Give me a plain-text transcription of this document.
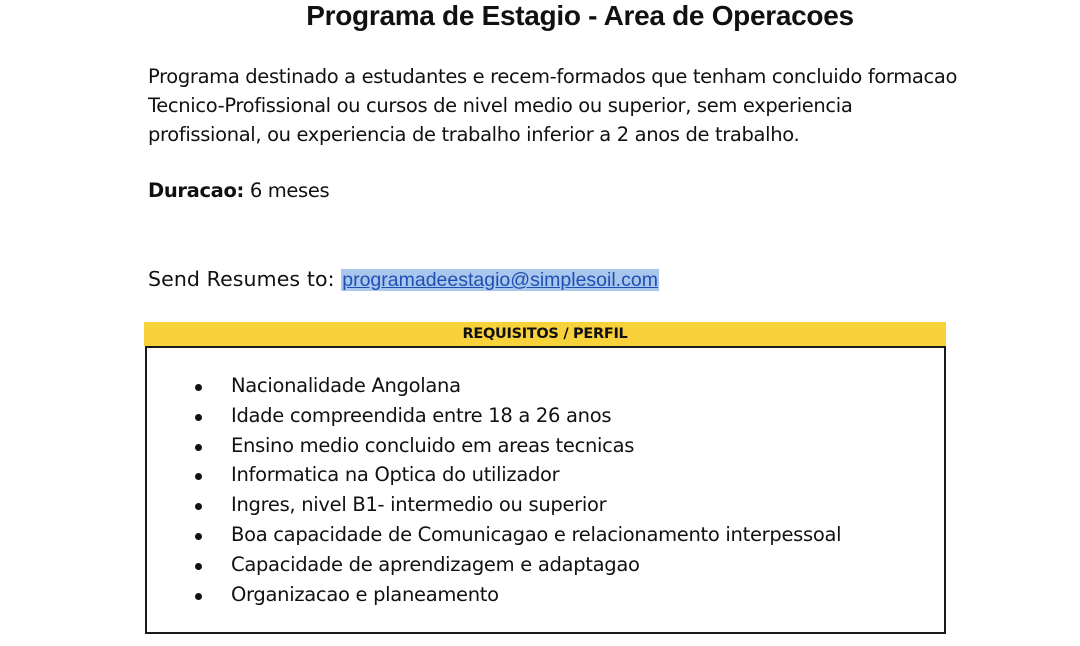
Programa de Estagio - Area de Operacoes
Programa destinado a estudantes e recem-formados que tenham concluido formacao
Tecnico-Profissional ou cursos de nivel medio ou superior, sem experiencia
profissional, ou experiencia de trabalho inferior a 2 anos de trabalho.
Duracao: 6 meses
Send Resumes to: programadeestagio@simplesoil.com
REQUISITOS / PERFIL
Nacionalidade Angolana
Idade compreendida entre 18 a 26 anos
Ensino medio concluido em areas tecnicas
Informatica na Optica do utilizador
Ingres, nivel B1- intermedio ou superior
Boa capacidade de Comunicagao e relacionamento interpessoal
Capacidade de aprendizagem e adaptagao
Organizacao e planeamento
